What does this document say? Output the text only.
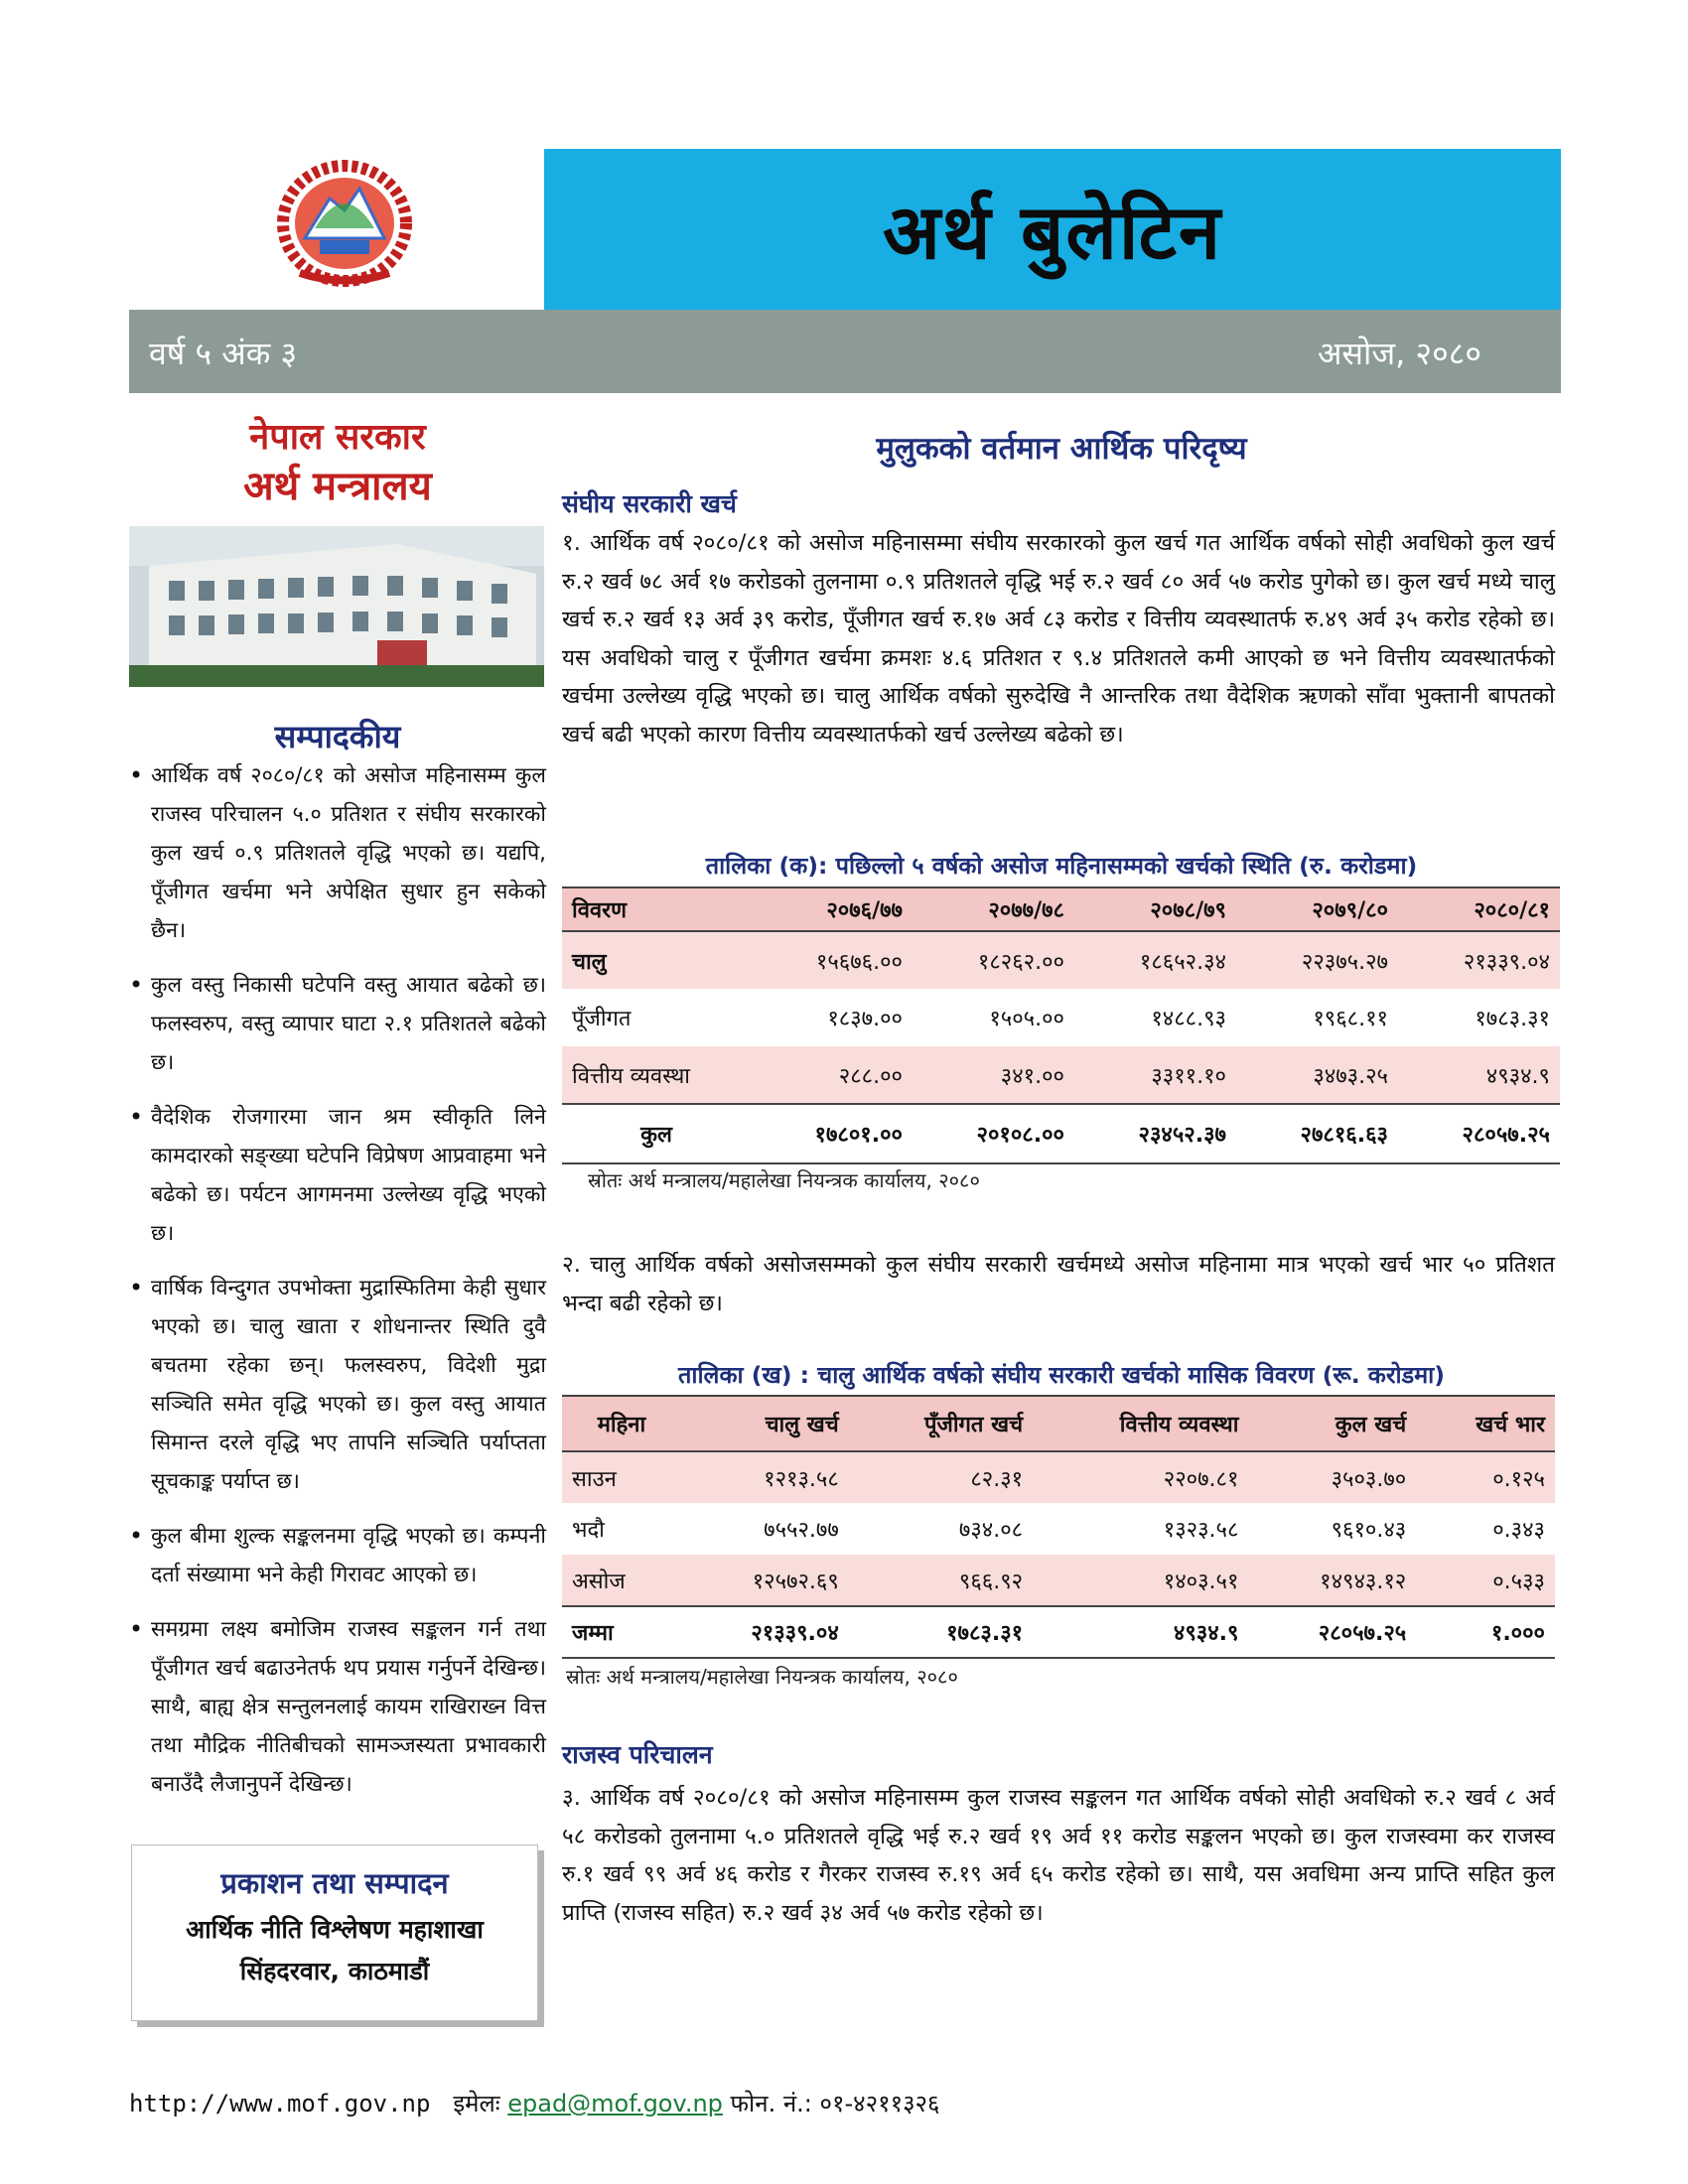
अर्थ बुलेटिन
वर्ष ५ अंक ३	असोज, २०८०
नेपाल सरकार
अर्थ मन्त्रालय
सम्पादकीय
• आर्थिक वर्ष २०८०/८१ को असोज महिनासम्म कुल राजस्व परिचालन ५.० प्रतिशत र संघीय सरकारको कुल खर्च ०.९ प्रतिशतले वृद्धि भएको छ। यद्यपि, पूँजीगत खर्चमा भने अपेक्षित सुधार हुन सकेको छैन।
• कुल वस्तु निकासी घटेपनि वस्तु आयात बढेको छ। फलस्वरुप, वस्तु व्यापार घाटा २.१ प्रतिशतले बढेको छ।
• वैदेशिक रोजगारमा जान श्रम स्वीकृति लिने कामदारको सङ्ख्या घटेपनि विप्रेषण आप्रवाहमा भने बढेको छ। पर्यटन आगमनमा उल्लेख्य वृद्धि भएको छ।
• वार्षिक विन्दुगत उपभोक्ता मुद्रास्फितिमा केही सुधार भएको छ। चालु खाता र शोधनान्तर स्थिति दुवै बचतमा रहेका छन्। फलस्वरुप, विदेशी मुद्रा सञ्चिति समेत वृद्धि भएको छ। कुल वस्तु आयात सिमान्त दरले वृद्धि भए तापनि सञ्चिति पर्याप्तता सूचकाङ्क पर्याप्त छ।
• कुल बीमा शुल्क सङ्कलनमा वृद्धि भएको छ। कम्पनी दर्ता संख्यामा भने केही गिरावट आएको छ।
• समग्रमा लक्ष्य बमोजिम राजस्व सङ्कलन गर्न तथा पूँजीगत खर्च बढाउनेतर्फ थप प्रयास गर्नुपर्ने देखिन्छ। साथै, बाह्य क्षेत्र सन्तुलनलाई कायम राखिराख्न वित्त तथा मौद्रिक नीतिबीचको सामञ्जस्यता प्रभावकारी बनाउँदै लैजानुपर्ने देखिन्छ।
प्रकाशन तथा सम्पादन
आर्थिक नीति विश्लेषण महाशाखा
सिंहदरवार, काठमाडौं
मुलुकको वर्तमान आर्थिक परिदृष्य
संघीय सरकारी खर्च
१. आर्थिक वर्ष २०८०/८१ को असोज महिनासम्मा संघीय सरकारको कुल खर्च गत आर्थिक वर्षको सोही अवधिको कुल खर्च रु.२ खर्व ७८ अर्व १७ करोडको तुलनामा ०.९ प्रतिशतले वृद्धि भई रु.२ खर्व ८० अर्व ५७ करोड पुगेको छ। कुल खर्च मध्ये चालु खर्च रु.२ खर्व १३ अर्व ३९ करोड, पूँजीगत खर्च रु.१७ अर्व ८३ करोड र वित्तीय व्यवस्थातर्फ रु.४९ अर्व ३५ करोड रहेको छ। यस अवधिको चालु र पूँजीगत खर्चमा क्रमशः ४.६ प्रतिशत र ९.४ प्रतिशतले कमी आएको छ भने वित्तीय व्यवस्थातर्फको खर्चमा उल्लेख्य वृद्धि भएको छ। चालु आर्थिक वर्षको सुरुदेखि नै आन्तरिक तथा वैदेशिक ऋणको साँवा भुक्तानी बापतको खर्च बढी भएको कारण वित्तीय व्यवस्थातर्फको खर्च उल्लेख्य बढेको छ।
तालिका (क): पछिल्लो ५ वर्षको असोज महिनासम्मको खर्चको स्थिति (रु. करोडमा)
विवरण	२०७६/७७	२०७७/७८	२०७८/७९	२०७९/८०	२०८०/८१
चालु	१५६७६.००	१८२६२.००	१८६५२.३४	२२३७५.२७	२१३३९.०४
पूँजीगत	१८३७.००	१५०५.००	१४८८.९३	१९६८.११	१७८३.३१
वित्तीय व्यवस्था	२८८.००	३४१.००	३३११.१०	३४७३.२५	४९३४.९
कुल	१७८०१.००	२०१०८.००	२३४५२.३७	२७८१६.६३	२८०५७.२५
स्रोतः अर्थ मन्त्रालय/महालेखा नियन्त्रक कार्यालय, २०८०
२. चालु आर्थिक वर्षको असोजसम्मको कुल संघीय सरकारी खर्चमध्ये असोज महिनामा मात्र भएको खर्च भार ५० प्रतिशत भन्दा बढी रहेको छ।
तालिका (ख) : चालु आर्थिक वर्षको संघीय सरकारी खर्चको मासिक विवरण (रू. करोडमा)
महिना	चालु खर्च	पूँजीगत खर्च	वित्तीय व्यवस्था	कुल खर्च	खर्च भार
साउन	१२१३.५८	८२.३१	२२०७.८१	३५०३.७०	०.१२५
भदौ	७५५२.७७	७३४.०८	१३२३.५८	९६१०.४३	०.३४३
असोज	१२५७२.६९	९६६.९२	१४०३.५१	१४९४३.१२	०.५३३
जम्मा	२१३३९.०४	१७८३.३१	४९३४.९	२८०५७.२५	१.०००
स्रोतः अर्थ मन्त्रालय/महालेखा नियन्त्रक कार्यालय, २०८०
राजस्व परिचालन
३. आर्थिक वर्ष २०८०/८१ को असोज महिनासम्म कुल राजस्व सङ्कलन गत आर्थिक वर्षको सोही अवधिको रु.२ खर्व ८ अर्व ५८ करोडको तुलनामा ५.० प्रतिशतले वृद्धि भई रु.२ खर्व १९ अर्व ११ करोड सङ्कलन भएको छ। कुल राजस्वमा कर राजस्व रु.१ खर्व ९९ अर्व ४६ करोड र गैरकर राजस्व रु.१९ अर्व ६५ करोड रहेको छ। साथै, यस अवधिमा अन्य प्राप्ति सहित कुल प्राप्ति (राजस्व सहित) रु.२ खर्व ३४ अर्व ५७ करोड रहेको छ।
http://www.mof.gov.np इमेलः epad@mof.gov.np फोन. नं.: ०१-४२११३२६
